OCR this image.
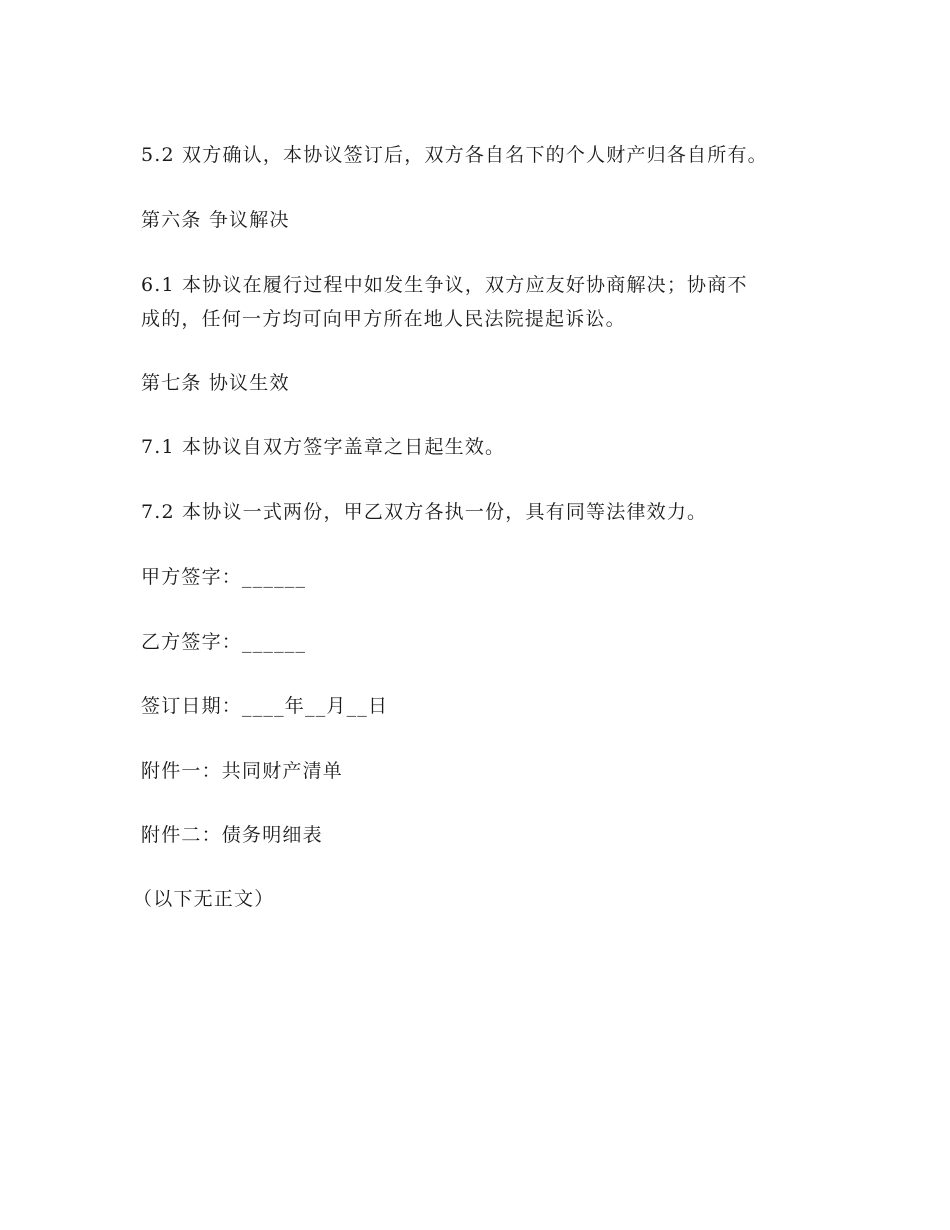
5.2 双方确认，本协议签订后，双方各自名下的个人财产归各自所有。
第六条 争议解决
6.1 本协议在履行过程中如发生争议，双方应友好协商解决；协商不
成的，任何一方均可向甲方所在地人民法院提起诉讼。
第七条 协议生效
7.1 本协议自双方签字盖章之日起生效。
7.2 本协议一式两份，甲乙双方各执一份，具有同等法律效力。
甲方签字：______
乙方签字：______
签订日期：____年__月__日
附件一：共同财产清单
附件二：债务明细表
（以下无正文）
